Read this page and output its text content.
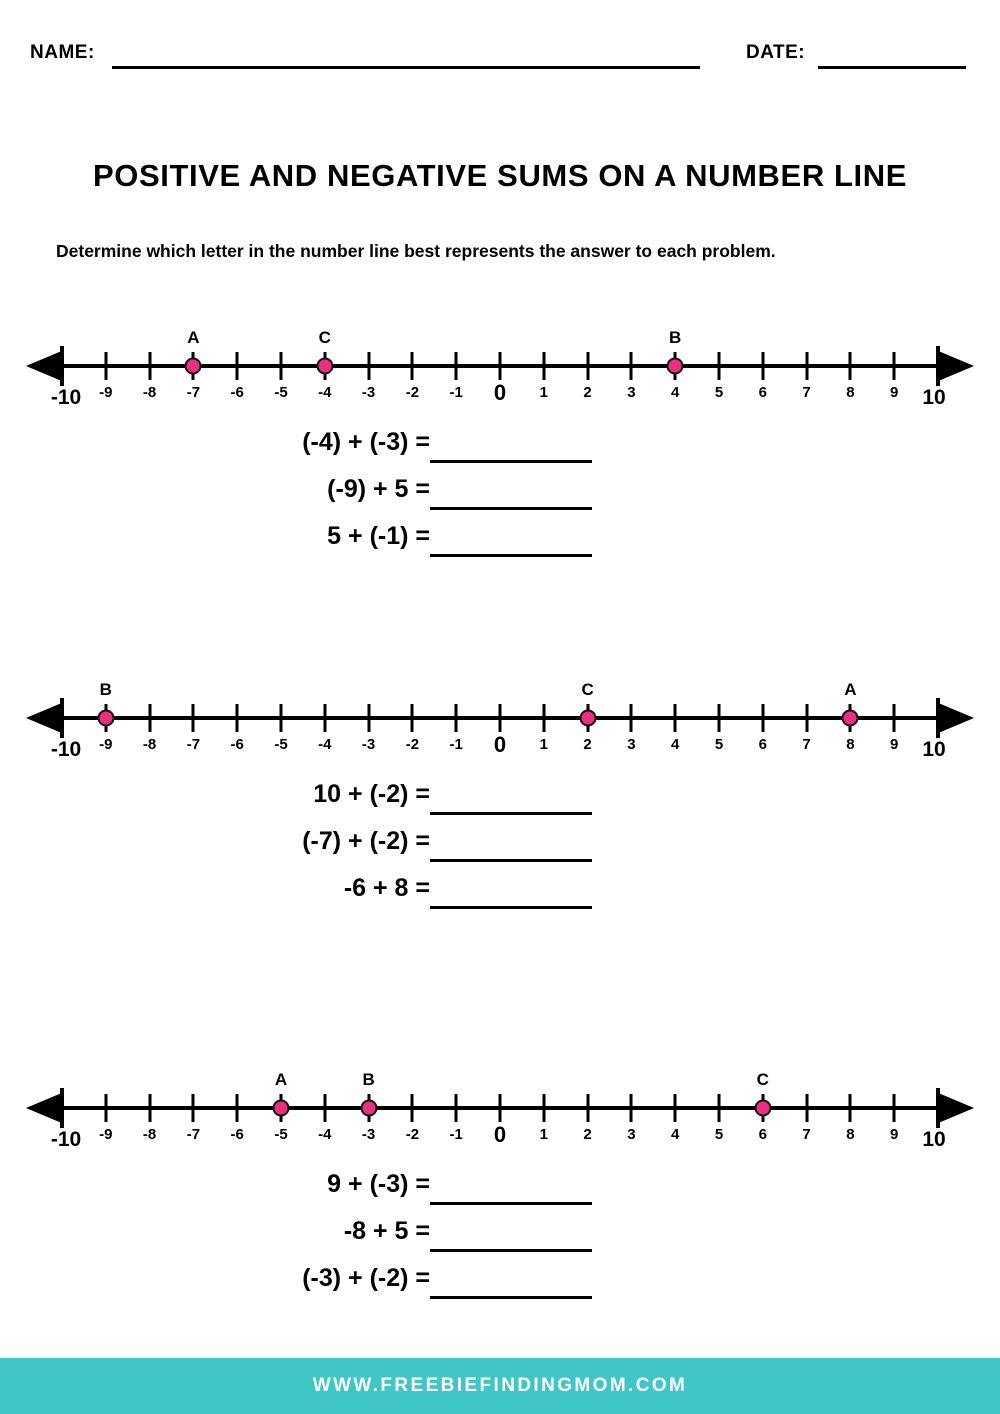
NAME:	DATE:
POSITIVE AND NEGATIVE SUMS ON A NUMBER LINE
Determine which letter in the number line best represents the answer to each problem.
-10 -9 -8 -7 -6 -5 -4 -3 -2 -1 0 1 2 3 4 5 6 7 8 9 10
A	C	B
(-4) + (-3) =
(-9) + 5 =
5 + (-1) =
-10 -9 -8 -7 -6 -5 -4 -3 -2 -1 0 1 2 3 4 5 6 7 8 9 10
B	C	A
10 + (-2) =
(-7) + (-2) =
-6 + 8 =
-10 -9 -8 -7 -6 -5 -4 -3 -2 -1 0 1 2 3 4 5 6 7 8 9 10
A	B	C
9 + (-3) =
-8 + 5 =
(-3) + (-2) =
WWW.FREEBIEFINDINGMOM.COM
